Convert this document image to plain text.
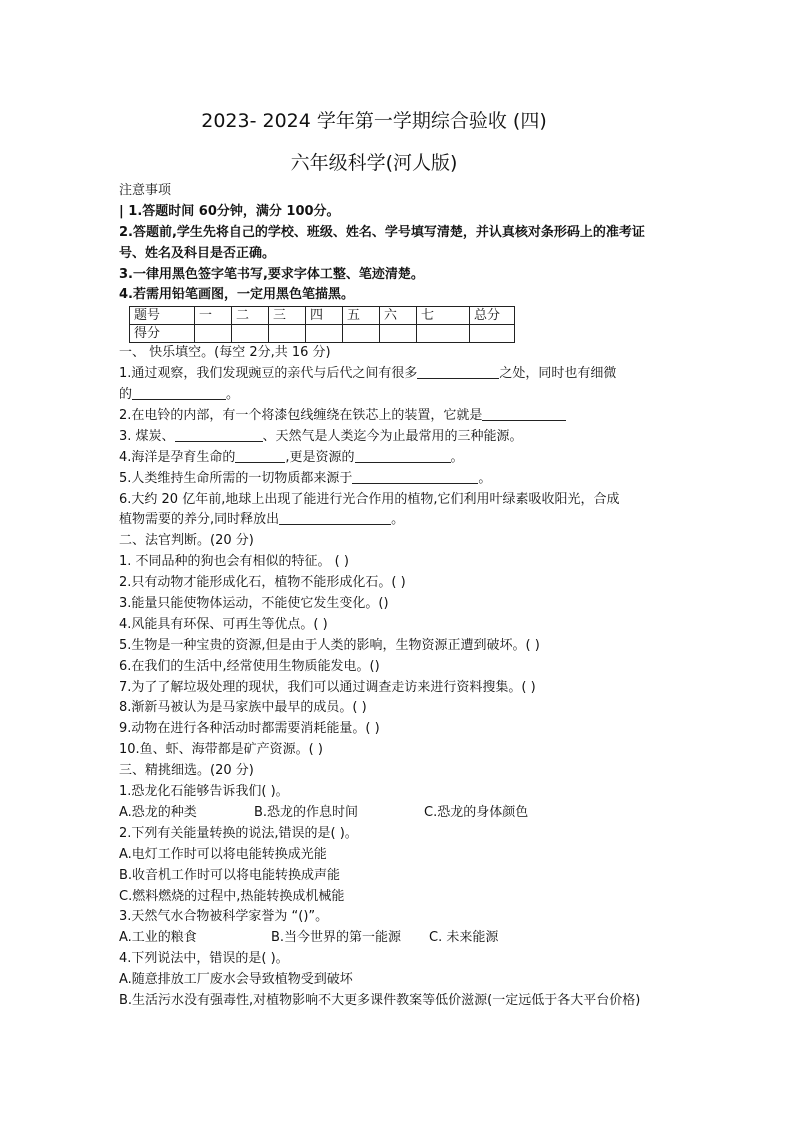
2023- 2024 学年第一学期综合验收 (四)
六年级科学(河人版)
注意事项
| 1.答题时间 60分钟，满分 100分。
2.答题前,学生先将自己的学校、班级、姓名、学号填写清楚，并认真核对条形码上的准考证
号、姓名及科目是否正确。
3.一律用黑色签字笔书写,要求字体工整、笔迹清楚。
4.若需用铅笔画图，一定用黑色笔描黑。
题号	一	二	三	四	五	六	七	总分
得分								
一、 快乐填空。(每空 2分,共 16 分)
1.通过观察，我们发现豌豆的亲代与后代之间有很多	之处，同时也有细微
的	。
2.在电铃的内部，有一个将漆包线缠绕在铁芯上的装置，它就是
3. 煤炭、	、天然气是人类迄今为止最常用的三种能源。
4.海洋是孕育生命的	,更是资源的	。
5.人类维持生命所需的一切物质都来源于	。
6.大约 20 亿年前,地球上出现了能进行光合作用的植物,它们利用叶绿素吸收阳光，合成
植物需要的养分,同时释放出	。
二、法官判断。(20 分)
1. 不同品种的狗也会有相似的特征。 ( )
2.只有动物才能形成化石，植物不能形成化石。( )
3.能量只能使物体运动，不能使它发生变化。()
4.风能具有环保、可再生等优点。( )
5.生物是一种宝贵的资源,但是由于人类的影响，生物资源正遭到破坏。( )
6.在我们的生活中,经常使用生物质能发电。()
7.为了了解垃圾处理的现状，我们可以通过调查走访来进行资料搜集。( )
8.渐新马被认为是马家族中最早的成员。( )
9.动物在进行各种活动时都需要消耗能量。( )
10.鱼、虾、海带都是矿产资源。( )
三、精挑细选。(20 分)
1.恐龙化石能够告诉我们( )。
A.恐龙的种类	B.恐龙的作息时间	C.恐龙的身体颜色
2.下列有关能量转换的说法,错误的是( )。
A.电灯工作时可以将电能转换成光能
B.收音机工作时可以将电能转换成声能
C.燃料燃烧的过程中,热能转换成机械能
3.天然气水合物被科学家誉为 “()”。
A.工业的粮食	B.当今世界的第一能源 C. 未来能源
4.下列说法中，错误的是( )。
A.随意排放工厂废水会导致植物受到破坏
B.生活污水没有强毒性,对植物影响不大更多课件教案等低价滋源(一定远低于各大平台价格)
